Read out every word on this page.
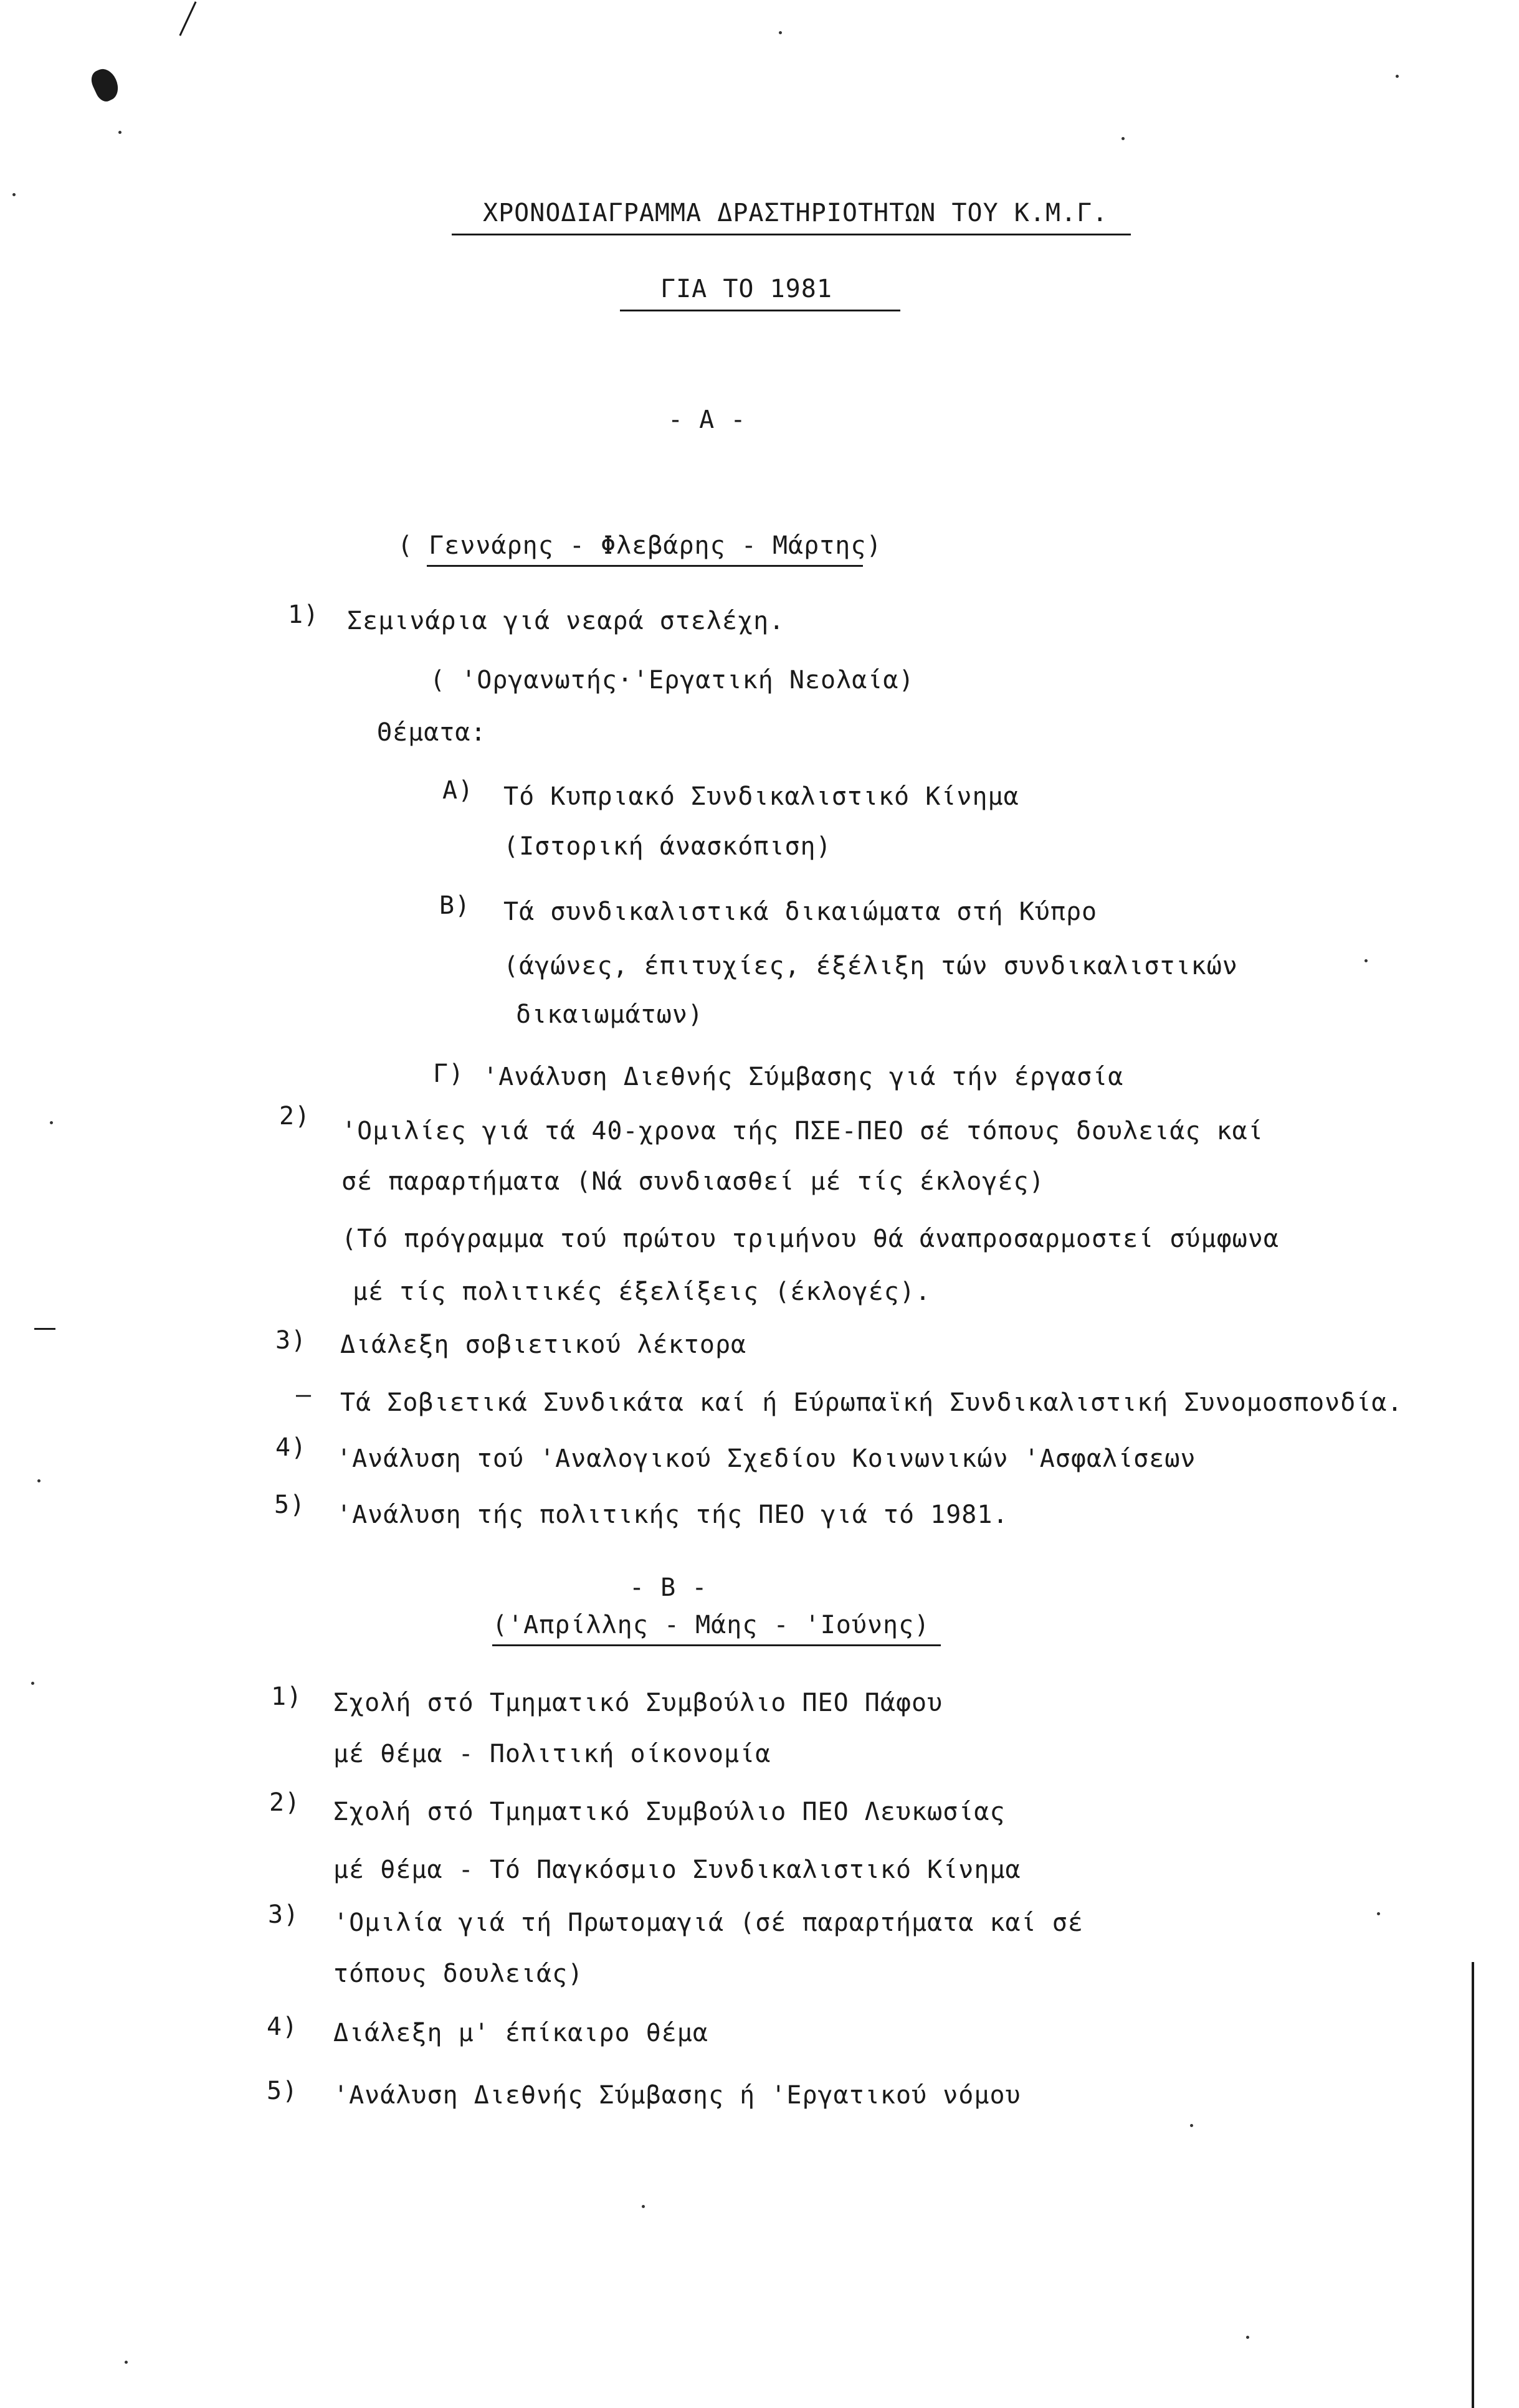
ΧΡΟΝΟΔΙΑΓΡΑΜΜΑ ΔΡΑΣΤΗΡΙΟΤΗΤΩΝ ΤΟΥ Κ.Μ.Γ.
ΓΙΑ ΤΟ 1981
- Α -
( Γεννάρης - Φλεβάρης - Μάρτης)
1) Σεμινάρια γιά νεαρά στελέχη.
( 'Οργανωτής·'Εργατική Νεολαία)
Θέματα:
Α) Τό Κυπριακό Συνδικαλιστικό Κίνημα
(Ιστορική άνασκόπιση)
Β) Τά συνδικαλιστικά δικαιώματα στή Κύπρο
(άγώνες, έπιτυχίες, έξέλιξη τών συνδικαλιστικών
δικαιωμάτων)
Γ) 'Ανάλυση Διεθνής Σύμβασης γιά τήν έργασία
2)
'Ομιλίες γιά τά 40-χρονα τής ΠΣΕ-ΠΕΟ σέ τόπους δουλειάς καί
σέ παραρτήματα (Νά συνδιασθεί μέ τίς έκλογές)
(Τό πρόγραμμα τού πρώτου τριμήνου θά άναπροσαρμοστεί σύμφωνα
μέ τίς πολιτικές έξελίξεις (έκλογές).
3) Διάλεξη σοβιετικού λέκτορα
— Τά Σοβιετικά Συνδικάτα καί ή Εύρωπαϊκή Συνδικαλιστική Συνομοσπονδία.
4) 'Ανάλυση τού 'Αναλογικού Σχεδίου Κοινωνικών 'Ασφαλίσεων
5) 'Ανάλυση τής πολιτικής τής ΠΕΟ γιά τό 1981.
- Β -
('Απρίλλης - Μάης - 'Ιούνης)
1) Σχολή στό Τμηματικό Συμβούλιο ΠΕΟ Πάφου
μέ θέμα - Πολιτική οίκονομία
2) Σχολή στό Τμηματικό Συμβούλιο ΠΕΟ Λευκωσίας
μέ θέμα - Τό Παγκόσμιο Συνδικαλιστικό Κίνημα
3) 'Ομιλία γιά τή Πρωτομαγιά (σέ παραρτήματα καί σέ
τόπους δουλειάς)
4) Διάλεξη μ' έπίκαιρο θέμα
5) 'Ανάλυση Διεθνής Σύμβασης ή 'Εργατικού νόμου
